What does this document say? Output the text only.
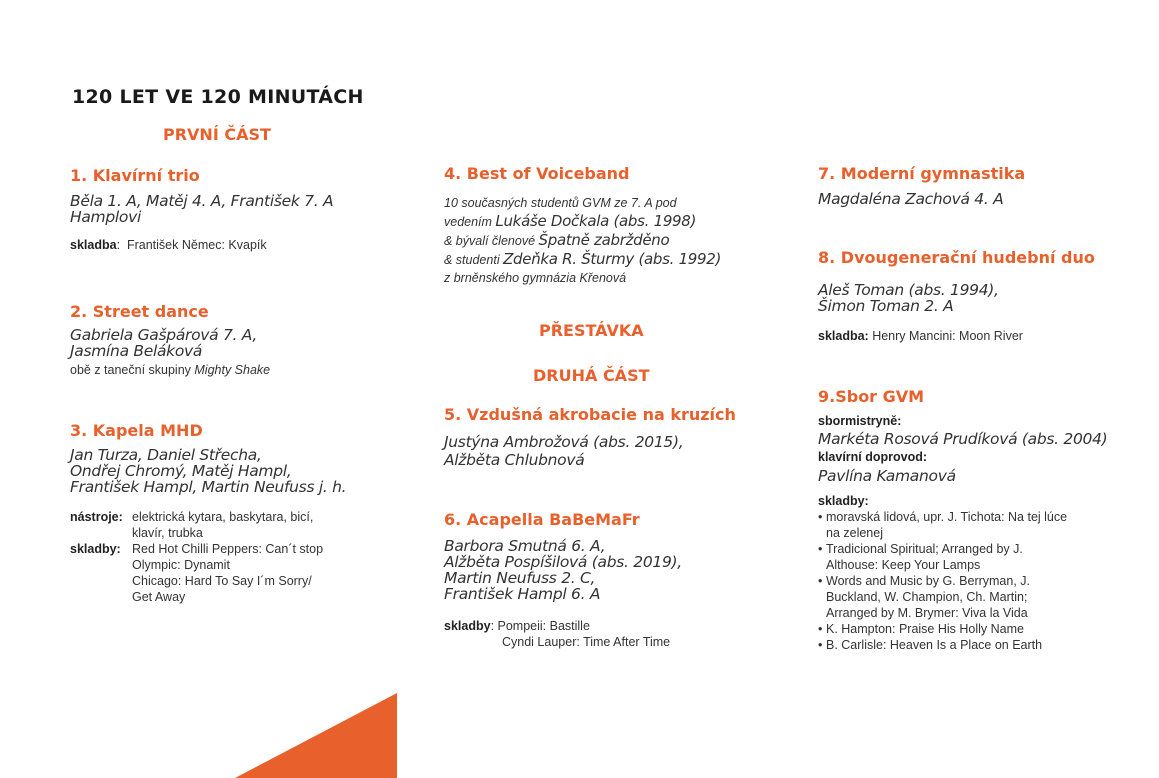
120 LET VE 120 MINUTÁCH
PRVNÍ ČÁST
1. Klavírní trio

Běla 1. A, Matěj 4. A, František 7. A
Hamplovi

skladba:  František Němec: Kvapík

2. Street dance

Gabriela Gašpárová 7. A,
Jasmína Beláková

obě z taneční skupiny Mighty Shake

3. Kapela MHD

Jan Turza, Daniel Střecha,
Ondřej Chromý, Matěj Hampl,
František Hampl, Martin Neufuss j. h.

nástroje: elektrická kytara, baskytara, bicí,
klavír, trubka
skladby: Red Hot Chilli Peppers: Can´t stop
Olympic: Dynamit
Chicago: Hard To Say I´m Sorry/
Get Away
4. Best of Voiceband
10 současných studentů GVM ze 7. A pod
vedením Lukáše Dočkala (abs. 1998)
& bývalí členové Špatně zabržděno
& studenti Zdeňka R. Šturmy (abs. 1992)
z brněnského gymnázia Křenová
PŘESTÁVKA
DRUHÁ ČÁST
5. Vzdušná akrobacie na kruzích

Justýna Ambrožová (abs. 2015),
Alžběta Chlubnová

6. Acapella BaBeMaFr

Barbora Smutná 6. A,
Alžběta Pospíšilová (abs. 2019),
Martin Neufuss 2. C,
František Hampl 6. A

skladby: Pompeii: Bastille
Cyndi Lauper: Time After Time
7. Moderní gymnastika

Magdaléna Zachová 4. A

8. Dvougenerační hudební duo

Aleš Toman (abs. 1994),
Šimon Toman 2. A

skladba: Henry Mancini: Moon River

9.Sbor GVM
sbormistryně:
Markéta Rosová Prudíková (abs. 2004)
klavírní doprovod:
Pavlína Kamanová
skladby:
• moravská lidová, upr. J. Tichota: Na tej lúce
na zelenej
• Tradicional Spiritual; Arranged by J.
Althouse: Keep Your Lamps
• Words and Music by G. Berryman, J.
Buckland, W. Champion, Ch. Martin;
Arranged by M. Brymer: Viva la Vida
• K. Hampton: Praise His Holly Name
• B. Carlisle: Heaven Is a Place on Earth
